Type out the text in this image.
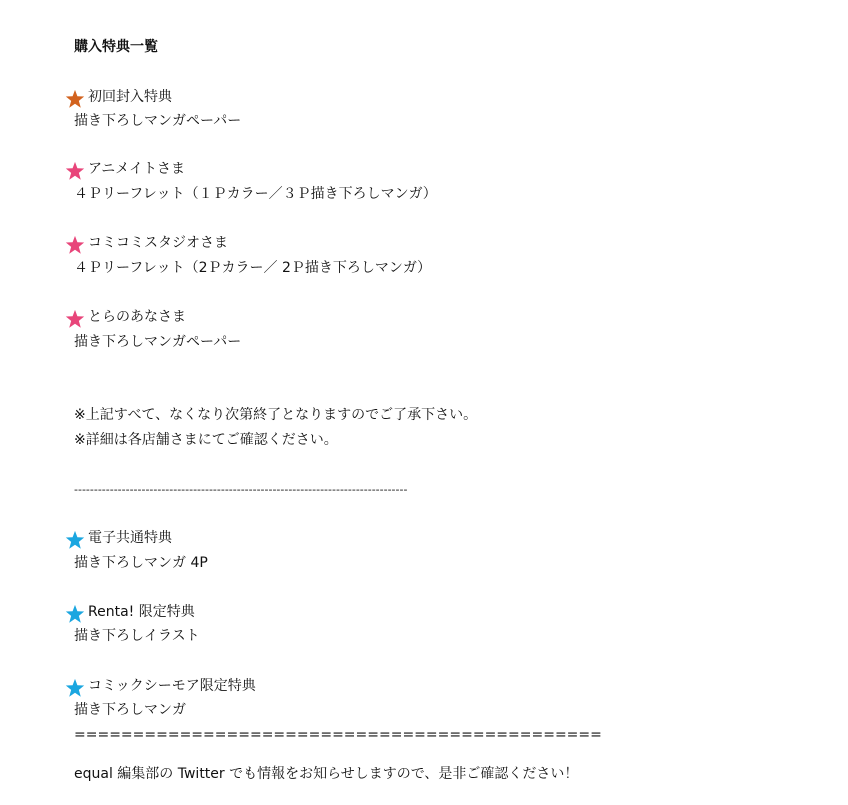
購入特典一覧
初回封入特典
描き下ろしマンガペーパー
アニメイトさま
４Ｐリーフレット（１Ｐカラー／３Ｐ描き下ろしマンガ）
コミコミスタジオさま
４Ｐリーフレット（2Ｐカラー／ 2Ｐ描き下ろしマンガ）
とらのあなさま
描き下ろしマンガペーパー
※上記すべて、なくなり次第終了となりますのでご了承下さい。
※詳細は各店舗さまにてご確認ください。
------------------------------------------------------------------------------------
電子共通特典
描き下ろしマンガ 4P
Renta! 限定特典
描き下ろしイラスト
コミックシーモア限定特典
描き下ろしマンガ
=============================================
equal 編集部の Twitter でも情報をお知らせしますので、是非ご確認ください！
